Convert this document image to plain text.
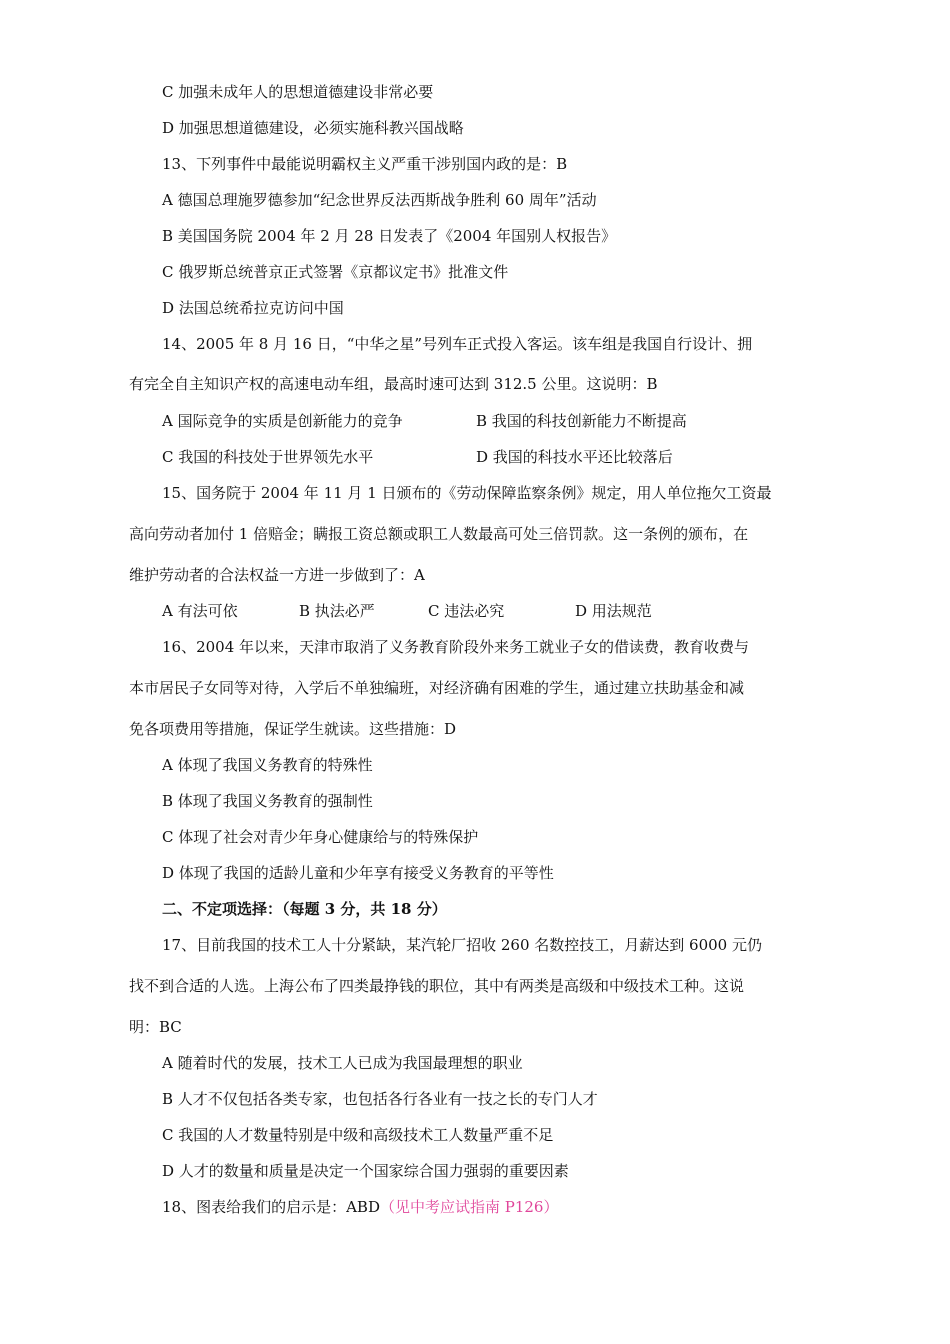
C 加强未成年人的思想道德建设非常必要
D 加强思想道德建设，必须实施科教兴国战略
13、下列事件中最能说明霸权主义严重干涉别国内政的是：B
A 德国总理施罗德参加“纪念世界反法西斯战争胜利 60 周年”活动
B 美国国务院 2004 年 2 月 28 日发表了《2004 年国别人权报告》
C 俄罗斯总统普京正式签署《京都议定书》批准文件
D 法国总统希拉克访问中国
14、2005 年 8 月 16 日，“中华之星”号列车正式投入客运。该车组是我国自行设计、拥
有完全自主知识产权的高速电动车组，最高时速可达到 312.5 公里。这说明：B
A 国际竞争的实质是创新能力的竞争	B 我国的科技创新能力不断提高
C 我国的科技处于世界领先水平	D 我国的科技水平还比较落后
15、国务院于 2004 年 11 月 1 日颁布的《劳动保障监察条例》规定，用人单位拖欠工资最
高向劳动者加付 1 倍赔金；瞒报工资总额或职工人数最高可处三倍罚款。这一条例的颁布，在
维护劳动者的合法权益一方进一步做到了：A
A 有法可依	B 执法必严	C 违法必究	D 用法规范
16、2004 年以来，天津市取消了义务教育阶段外来务工就业子女的借读费，教育收费与
本市居民子女同等对待，入学后不单独编班，对经济确有困难的学生，通过建立扶助基金和减
免各项费用等措施，保证学生就读。这些措施：D
A 体现了我国义务教育的特殊性
B 体现了我国义务教育的强制性
C 体现了社会对青少年身心健康给与的特殊保护
D 体现了我国的适龄儿童和少年享有接受义务教育的平等性
二、不定项选择：（每题 3 分，共 18 分）
17、目前我国的技术工人十分紧缺，某汽轮厂招收 260 名数控技工，月薪达到 6000 元仍
找不到合适的人选。上海公布了四类最挣钱的职位，其中有两类是高级和中级技术工种。这说
明：BC
A 随着时代的发展，技术工人已成为我国最理想的职业
B 人才不仅包括各类专家，也包括各行各业有一技之长的专门人才
C 我国的人才数量特别是中级和高级技术工人数量严重不足
D 人才的数量和质量是决定一个国家综合国力强弱的重要因素
18、图表给我们的启示是：ABD（见中考应试指南 P126）
